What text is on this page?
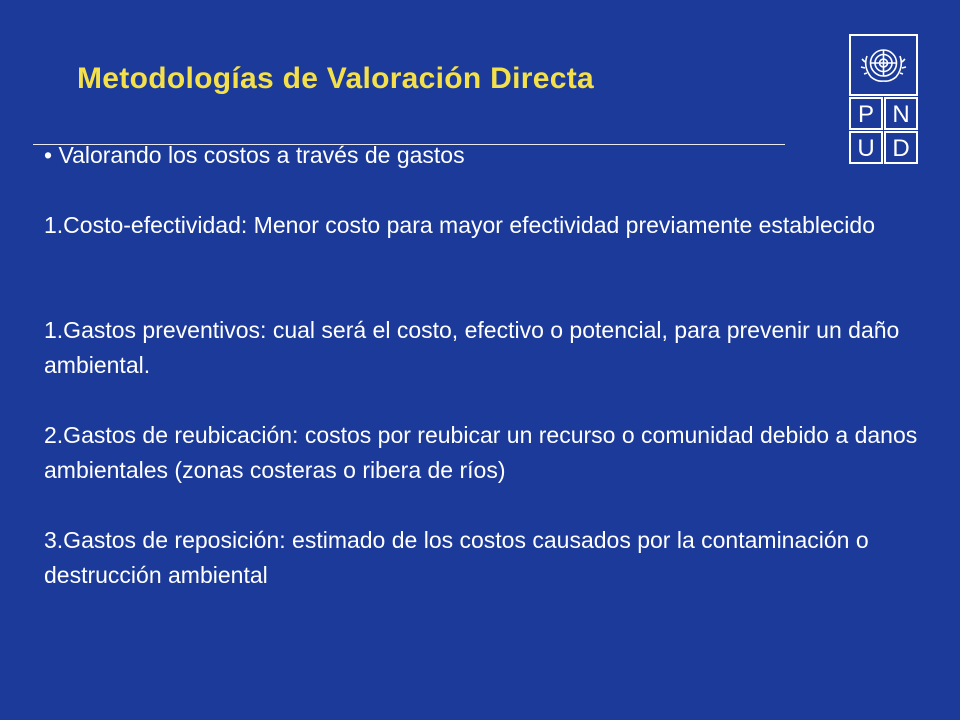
Metodologías de Valoración Directa
P N
U D

• Valorando los costos a través de gastos

1.Costo-efectividad: Menor costo para mayor efectividad previamente establecido

1.Gastos preventivos: cual será el costo, efectivo o potencial, para prevenir un daño ambiental.

2.Gastos de reubicación: costos por reubicar un recurso o comunidad debido a danos ambientales (zonas costeras o ribera de ríos)

3.Gastos de reposición: estimado de los costos causados por la contaminación o destrucción ambiental
